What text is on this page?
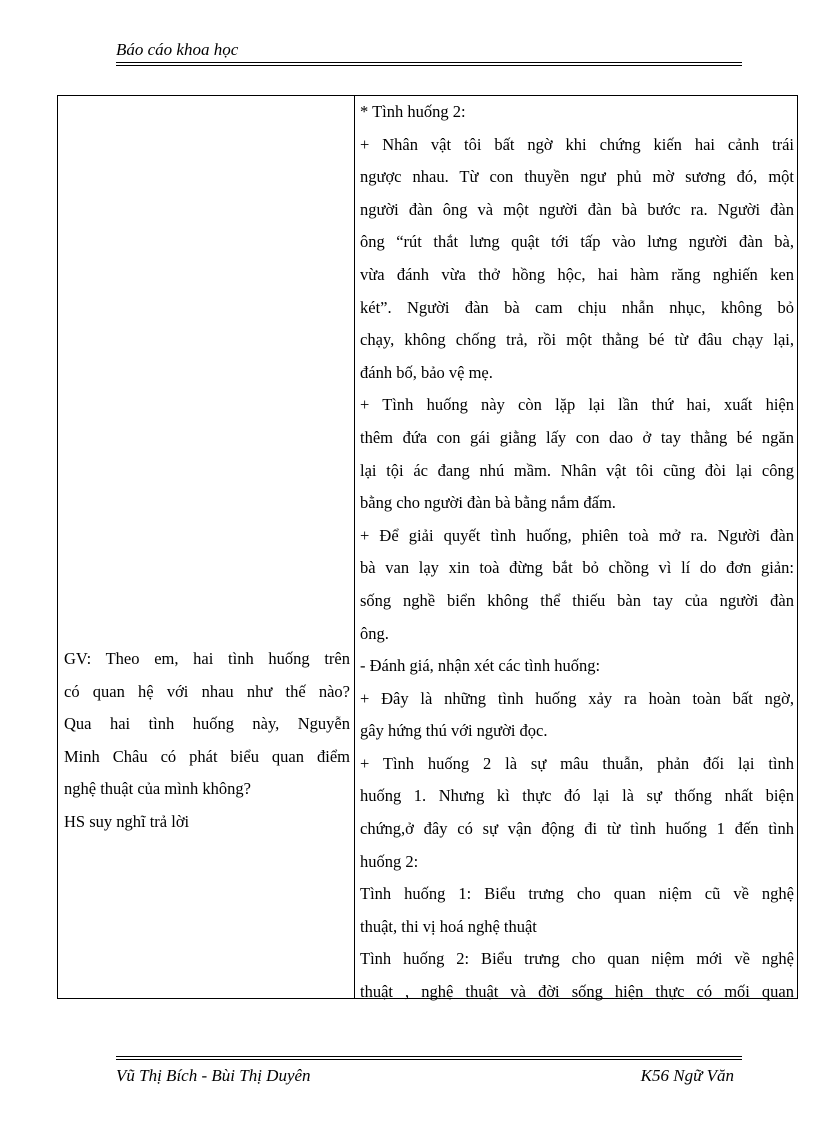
Báo cáo khoa học
GV: Theo em, hai tình huống trên
có quan hệ với nhau như thế nào?
Qua hai tình huống này, Nguyễn
Minh Châu có phát biểu quan điểm
nghệ thuật của mình không?
HS suy nghĩ trả lời
* Tình huống 2:
+ Nhân vật tôi bất ngờ khi chứng kiến hai cảnh trái
ngược nhau. Từ con thuyền ngư phủ mờ sương đó, một
người đàn ông và một người đàn bà bước ra. Người đàn
ông “rút thắt lưng quật tới tấp vào lưng người đàn bà,
vừa đánh vừa thở hồng hộc, hai hàm răng nghiến ken
két”. Người đàn bà cam chịu nhẫn nhục, không bỏ
chạy, không chống trả, rồi một thằng bé từ đâu chạy lại,
đánh bố, bảo vệ mẹ.
+ Tình huống này còn lặp lại lần thứ hai, xuất hiện
thêm đứa con gái giằng lấy con dao ở tay thằng bé ngăn
lại tội ác đang nhú mầm. Nhân vật tôi cũng đòi lại công
bằng cho người đàn bà bằng nắm đấm.
+ Để giải quyết tình huống, phiên toà mở ra. Người đàn
bà van lạy xin toà đừng bắt bỏ chồng vì lí do đơn giản:
sống nghề biển không thể thiếu bàn tay của người đàn
ông.
- Đánh giá, nhận xét các tình huống:
+ Đây là những tình huống xảy ra hoàn toàn bất ngờ,
gây hứng thú với người đọc.
+ Tình huống 2 là sự mâu thuẫn, phản đối lại tình
huống 1. Nhưng kì thực đó lại là sự thống nhất biện
chứng,ở đây có sự vận động đi từ tình huống 1 đến tình
huống 2:
Tình huống 1: Biểu trưng cho quan niệm cũ về nghệ
thuật, thi vị hoá nghệ thuật
Tình huống 2: Biểu trưng cho quan niệm mới về nghệ
thuật , nghệ thuật và đời sống hiện thực có mối quan
Vũ Thị Bích - Bùi Thị Duyên	K56 Ngữ Văn
